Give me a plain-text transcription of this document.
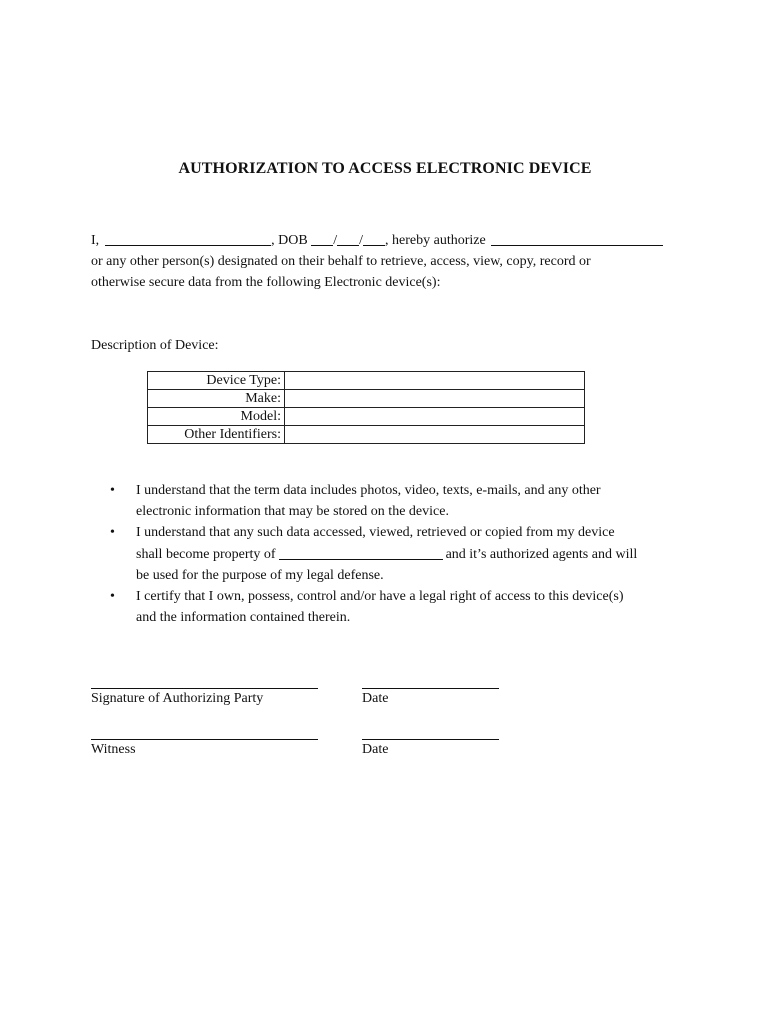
AUTHORIZATION TO ACCESS ELECTRONIC DEVICE
I,	, DOB / / , hereby authorize
or any other person(s) designated on their behalf to retrieve, access, view, copy, record or
otherwise secure data from the following Electronic device(s):
Description of Device:
Device Type:	
Make:	
Model:	
Other Identifiers:	
• I understand that the term data includes photos, video, texts, e-mails, and any other
electronic information that may be stored on the device.
• I understand that any such data accessed, viewed, retrieved or copied from my device
shall become property of	and it’s authorized agents and will
be used for the purpose of my legal defense.
• I certify that I own, possess, control and/or have a legal right of access to this device(s)
and the information contained therein.
Signature of Authorizing Party	Date
Witness	Date
